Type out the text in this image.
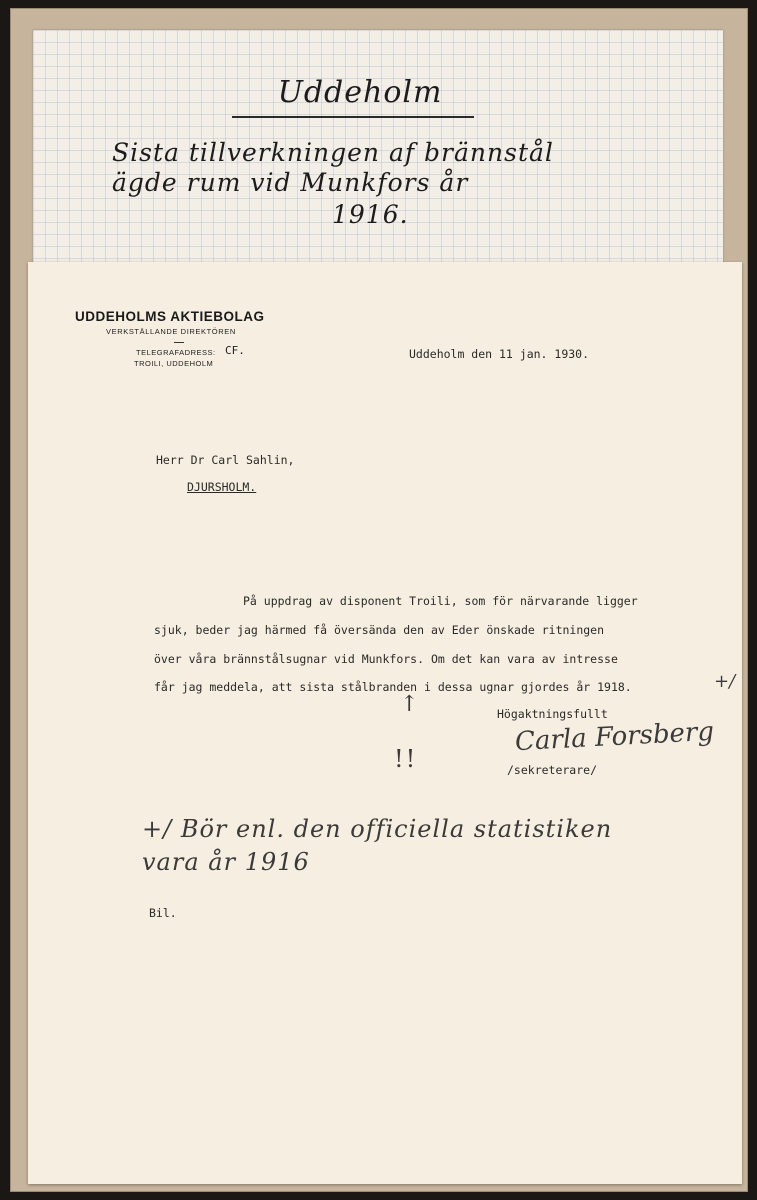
Uddeholm
Sista tillverkningen af brännstål
ägde rum vid Munkfors år
1916.
UDDEHOLMS AKTIEBOLAG
VERKSTÄLLANDE DIREKTÖREN
TELEGRAFADRESS: CF.
TROILI, UDDEHOLM
Uddeholm den 11 jan. 1930.
Herr Dr Carl Sahlin,
DJURSHOLM.
På uppdrag av disponent Troili, som för närvarande ligger
sjuk, beder jag härmed få översända den av Eder önskade ritningen
över våra brännstålsugnar vid Munkfors. Om det kan vara av intresse
får jag meddela, att sista stålbranden i dessa ugnar gjordes år 1918.	+/
↑
!!
Högaktningsfullt
Carla Forsberg
/sekreterare/
+/ Bör enl. den officiella statistiken
vara år 1916
Bil.
